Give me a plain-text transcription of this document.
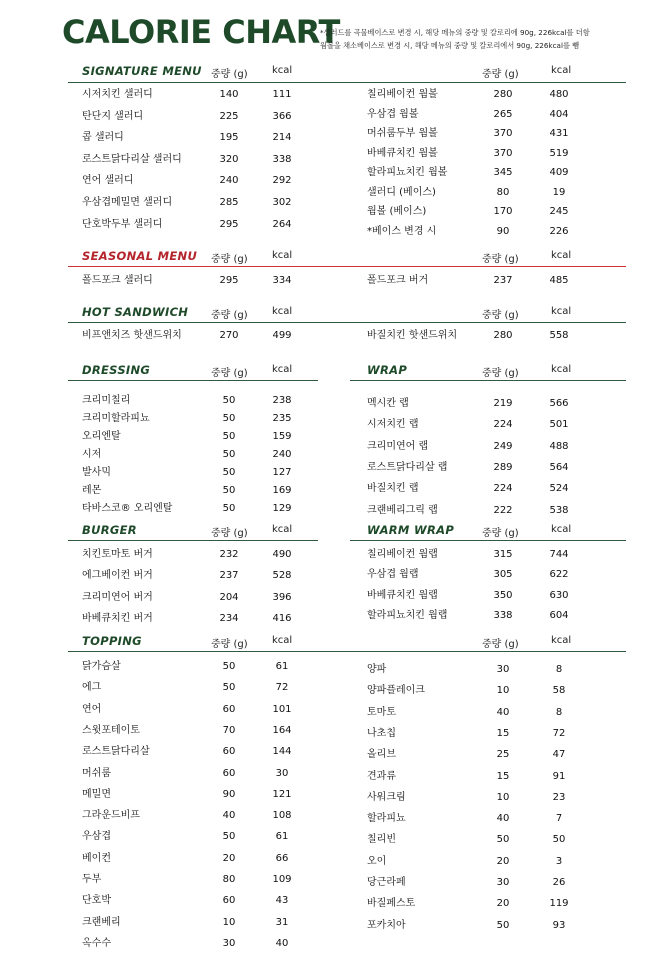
CALORIE CHART
*샐러드를 곡물베이스로 변경 시, 해당 메뉴의 중량 및 칼로리에 90g, 226kcal를 더함
웜볼을 채소베이스로 변경 시, 해당 메뉴의 중량 및 칼로리에서 90g, 226kcal를 뺌
SIGNATURE MENU 중량 (g) kcal	중량 (g)	kcal
시저치킨 샐러디	140	111
탄단지 샐러디	225	366
콥 샐러디	195	214
로스트닭다리살 샐러디	320	338
연어 샐러디	240	292
우삼겹메밀면 샐러디	285	302
단호박두부 샐러디	295	264
칠리베이컨 웜볼	280	480
우삼겹 웜볼	265	404
머쉬룸두부 웜볼	370	431
바베큐치킨 웜볼	370	519
할라피뇨치킨 웜볼	345	409
샐러디 (베이스)	80	19
웜볼 (베이스)	170	245
*베이스 변경 시	90	226
SEASONAL MENU 중량 (g) kcal	중량 (g)	kcal
폴드포크 샐러디	295	334	폴드포크 버거	237	485
HOT SANDWICH 중량 (g) kcal	중량 (g)	kcal
비프앤치즈 핫샌드위치	270	499	바질치킨 핫샌드위치	280	558
DRESSING	중량 (g) kcal	WRAP	중량 (g)	kcal
크리미칠리	50	238
크리미할라피뇨	50	235
오리엔탈	50	159
시저	50	240
발사믹	50	127
레몬	50	169
타바스코® 오리엔탈	50	129
멕시칸 랩	219	566
시저치킨 랩	224	501
크리미연어 랩	249	488
로스트닭다리살 랩	289	564
바질치킨 랩	224	524
크랜베리그릭 랩	222	538
BURGER	중량 (g) kcal	WARM WRAP	중량 (g)	kcal
치킨토마토 버거	232	490
에그베이컨 버거	237	528
크리미연어 버거	204	396
바베큐치킨 버거	234	416
칠리베이컨 웜랩	315	744
우삼겹 웜랩	305	622
바베큐치킨 웜랩	350	630
할라피뇨치킨 웜랩	338	604
TOPPING	중량 (g) kcal	중량 (g)	kcal
닭가슴살	50	61
에그	50	72
연어	60	101
스윗포테이토	70	164
로스트닭다리살	60	144
머쉬룸	60	30
메밀면	90	121
그라운드비프	40	108
우삼겹	50	61
베이컨	20	66
두부	80	109
단호박	60	43
크랜베리	10	31
옥수수	30	40
양파	30	8
양파플레이크	10	58
토마토	40	8
나초칩	15	72
올리브	25	47
견과류	15	91
사워크림	10	23
할라피뇨	40	7
칠리빈	50	50
오이	20	3
당근라페	30	26
바질페스토	20	119
포카치아	50	93
